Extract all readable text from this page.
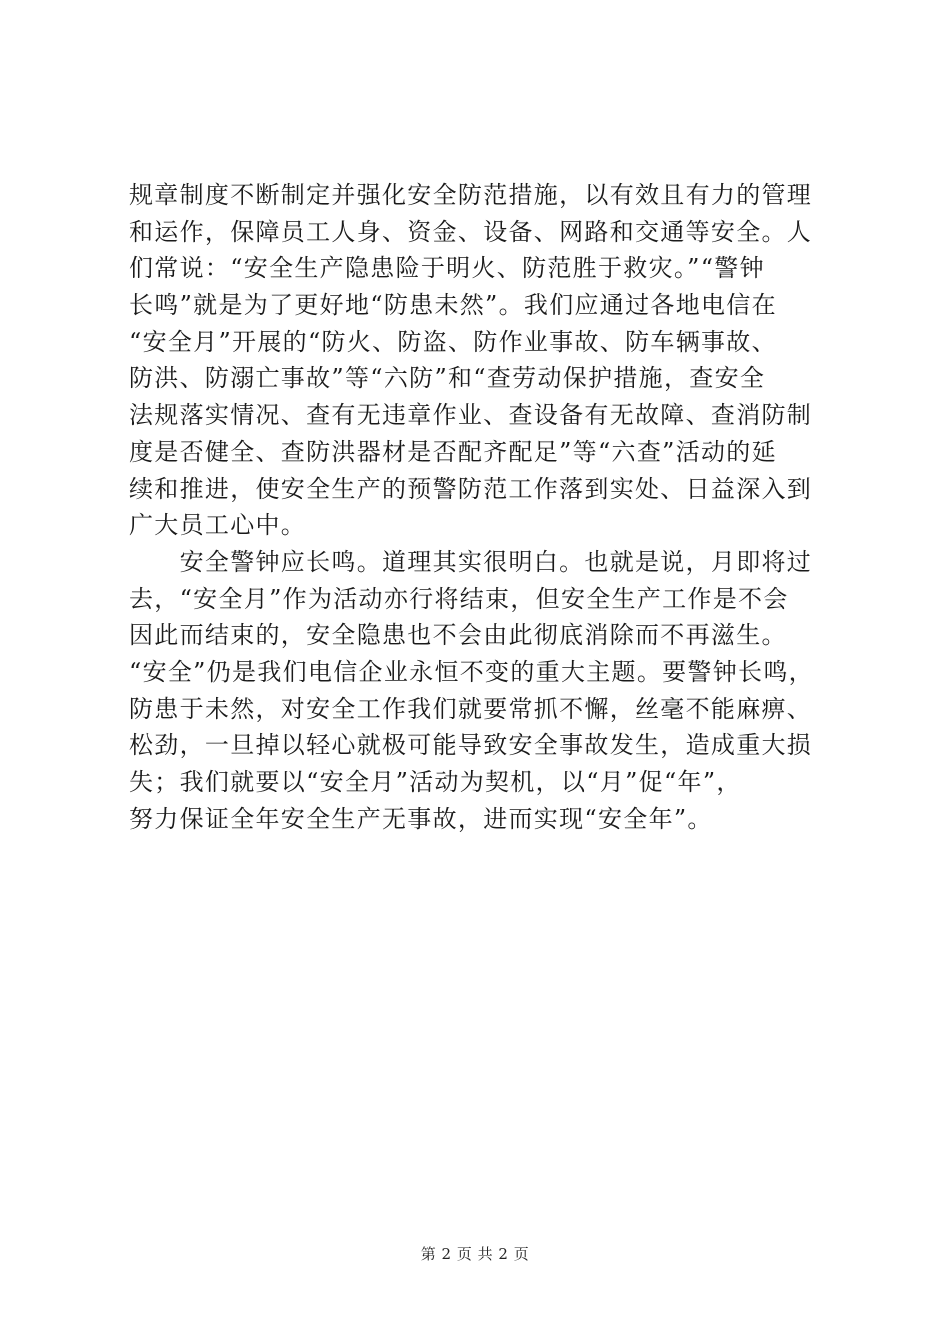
规章制度不断制定并强化安全防范措施，以有效且有力的管理
和运作，保障员工人身、资金、设备、网路和交通等安全。人
们常说：“安全生产隐患险于明火、防范胜于救灾。”“警钟
长鸣”就是为了更好地“防患未然”。我们应通过各地电信在
“安全月”开展的“防火、防盗、防作业事故、防车辆事故、
防洪、防溺亡事故”等“六防”和“查劳动保护措施，查安全
法规落实情况、查有无违章作业、查设备有无故障、查消防制
度是否健全、查防洪器材是否配齐配足”等“六查”活动的延
续和推进，使安全生产的预警防范工作落到实处、日益深入到
广大员工心中。
　　安全警钟应长鸣。道理其实很明白。也就是说，月即将过
去，“安全月”作为活动亦行将结束，但安全生产工作是不会
因此而结束的，安全隐患也不会由此彻底消除而不再滋生。
“安全”仍是我们电信企业永恒不变的重大主题。要警钟长鸣，
防患于未然，对安全工作我们就要常抓不懈，丝毫不能麻痹、
松劲，一旦掉以轻心就极可能导致安全事故发生，造成重大损
失；我们就要以“安全月”活动为契机，以“月”促“年”，
努力保证全年安全生产无事故，进而实现“安全年”。
第 2 页 共 2 页
